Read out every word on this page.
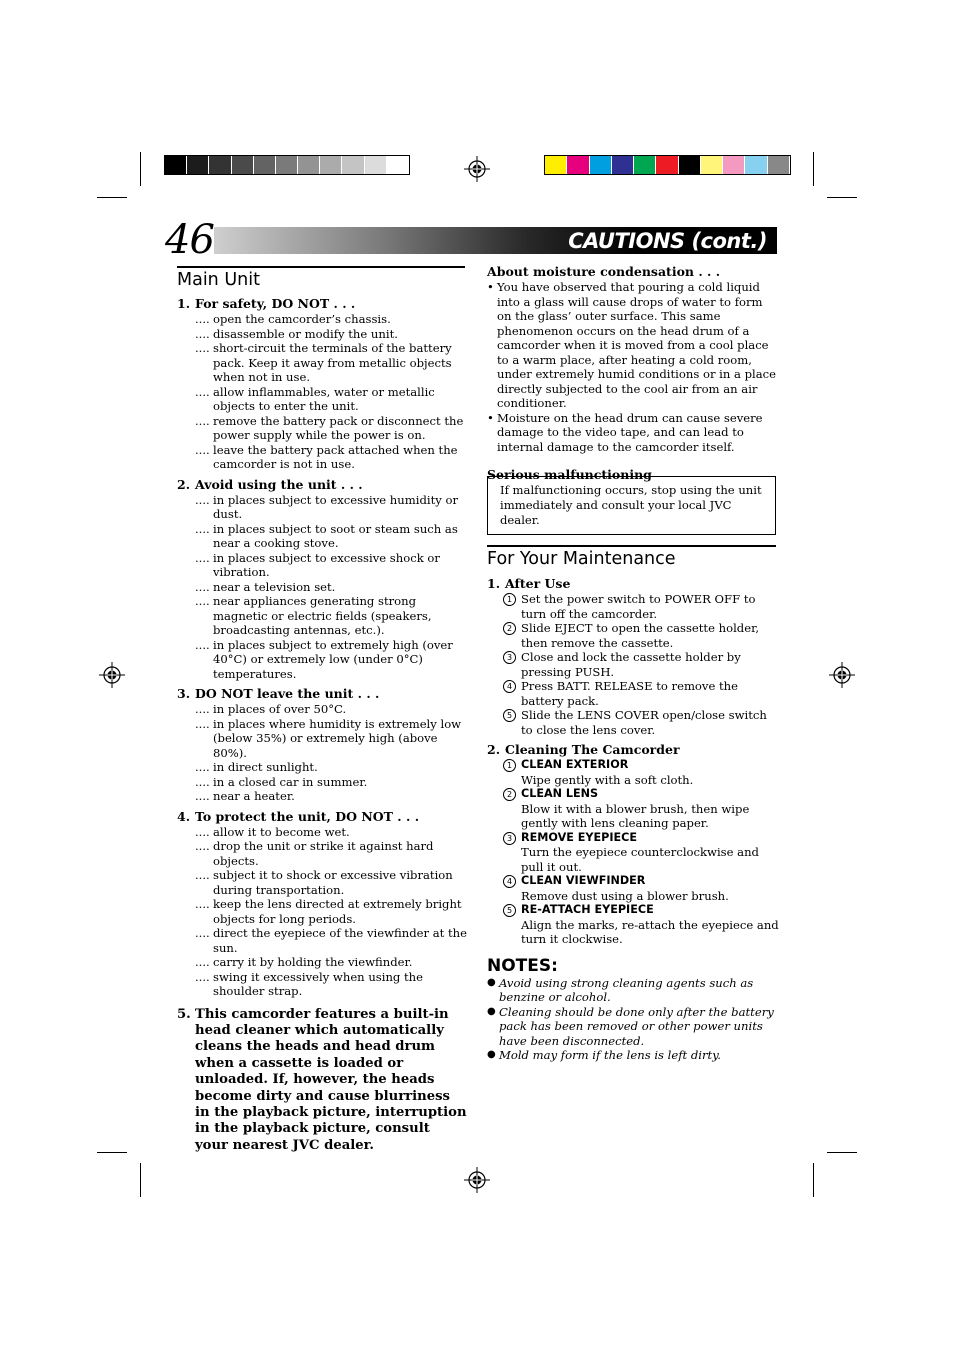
46	CAUTIONS (cont.)
Main Unit
1. For safety, DO NOT . . .

.... open the camcorder’s chassis.

.... disassemble or modify the unit.

.... short-circuit the terminals of the battery pack. Keep it away from metallic objects when not in use.

.... allow inflammables, water or metallic objects to enter the unit.

.... remove the battery pack or disconnect the power supply while the power is on.

.... leave the battery pack attached when the camcorder is not in use.

2. Avoid using the unit . . .

.... in places subject to excessive humidity or dust.

.... in places subject to soot or steam such as near a cooking stove.

.... in places subject to excessive shock or vibration.

.... near a television set.

.... near appliances generating strong magnetic or electric fields (speakers, broadcasting antennas, etc.).

.... in places subject to extremely high (over 40°C) or extremely low (under 0°C) temperatures.

3. DO NOT leave the unit . . .

.... in places of over 50°C.

.... in places where humidity is extremely low (below 35%) or extremely high (above 80%).

.... in direct sunlight.

.... in a closed car in summer.

.... near a heater.

4. To protect the unit, DO NOT . . .

.... allow it to become wet.

.... drop the unit or strike it against hard objects.

.... subject it to shock or excessive vibration during transportation.

.... keep the lens directed at extremely bright objects for long periods.

.... direct the eyepiece of the viewfinder at the sun.

.... carry it by holding the viewfinder.

.... swing it excessively when using the shoulder strap.

5. This camcorder features a built-in head cleaner which automatically cleans the heads and head drum when a cassette is loaded or unloaded. If, however, the heads become dirty and cause blurriness in the playback picture, interruption in the playback picture, consult your nearest JVC dealer.
About moisture condensation . . .

• You have observed that pouring a cold liquid into a glass will cause drops of water to form on the glass’ outer surface. This same phenomenon occurs on the head drum of a camcorder when it is moved from a cool place to a warm place, after heating a cold room, under extremely humid conditions or in a place directly subjected to the cool air from an air conditioner.

• Moisture on the head drum can cause severe damage to the video tape, and can lead to internal damage to the camcorder itself.

Serious malfunctioning
If malfunctioning occurs, stop using the unit immediately and consult your local JVC dealer.
For Your Maintenance
1. After Use
1 Set the power switch to POWER OFF to turn off the camcorder.
2 Slide EJECT to open the cassette holder, then remove the cassette.
3 Close and lock the cassette holder by pressing PUSH.
4 Press BATT. RELEASE to remove the battery pack.
5 Slide the LENS COVER open/close switch to close the lens cover.
2. Cleaning The Camcorder
1 CLEAN EXTERIOR
Wipe gently with a soft cloth.
2 CLEAN LENS
Blow it with a blower brush, then wipe gently with lens cleaning paper.
3 REMOVE EYEPIECE
Turn the eyepiece counterclockwise and pull it out.
4 CLEAN VIEWFINDER
Remove dust using a blower brush.
5 RE-ATTACH EYEPIECE
Align the marks, re-attach the eyepiece and turn it clockwise.
NOTES:

● Avoid using strong cleaning agents such as benzine or alcohol.

● Cleaning should be done only after the battery pack has been removed or other power units have been disconnected.

● Mold may form if the lens is left dirty.
